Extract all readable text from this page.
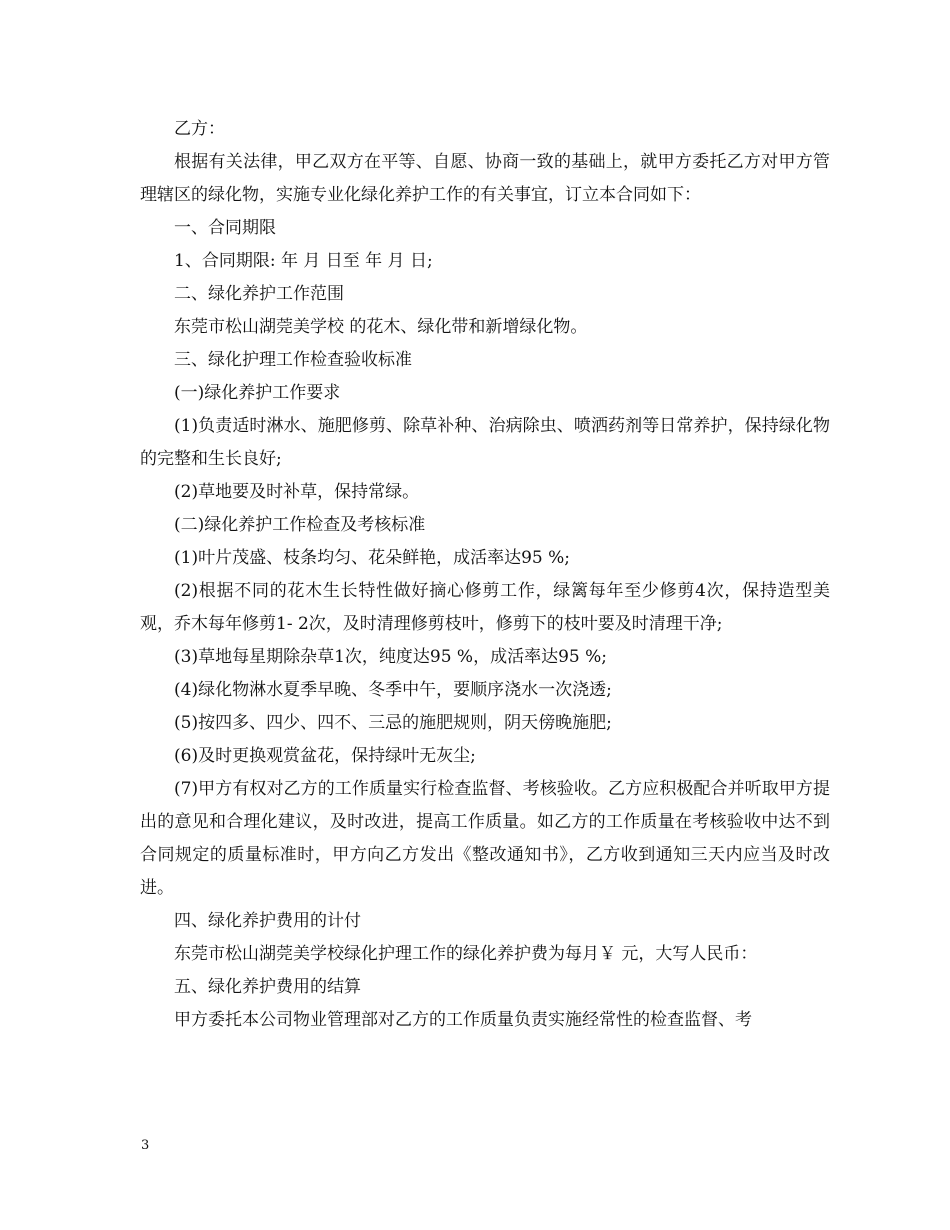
乙方：

根据有关法律，甲乙双方在平等、自愿、协商一致的基础上，就甲方委托乙方对甲方管理辖区的绿化物，实施专业化绿化养护工作的有关事宜，订立本合同如下：

一、合同期限

1、合同期限: 年 月 日至 年 月 日;

二、绿化养护工作范围

东莞市松山湖莞美学校 的花木、绿化带和新增绿化物。

三、绿化护理工作检查验收标准

(一)绿化养护工作要求

(1)负责适时淋水、施肥修剪、除草补种、治病除虫、喷洒药剂等日常养护，保持绿化物的完整和生长良好;

(2)草地要及时补草，保持常绿。

(二)绿化养护工作检查及考核标准

(1)叶片茂盛、枝条均匀、花朵鲜艳，成活率达95 %;

(2)根据不同的花木生长特性做好摘心修剪工作，绿篱每年至少修剪4次，保持造型美观，乔木每年修剪1- 2次，及时清理修剪枝叶，修剪下的枝叶要及时清理干净;

(3)草地每星期除杂草1次，纯度达95 %，成活率达95 %;

(4)绿化物淋水夏季早晚、冬季中午，要顺序浇水一次浇透;

(5)按四多、四少、四不、三忌的施肥规则，阴天傍晚施肥;

(6)及时更换观赏盆花，保持绿叶无灰尘;

(7)甲方有权对乙方的工作质量实行检查监督、考核验收。乙方应积极配合并听取甲方提出的意见和合理化建议，及时改进，提高工作质量。如乙方的工作质量在考核验收中达不到合同规定的质量标准时，甲方向乙方发出《整改通知书》，乙方收到通知三天内应当及时改进。

四、绿化养护费用的计付

东莞市松山湖莞美学校绿化护理工作的绿化养护费为每月￥ 元，大写人民币：

五、绿化养护费用的结算

甲方委托本公司物业管理部对乙方的工作质量负责实施经常性的检查监督、考

3
